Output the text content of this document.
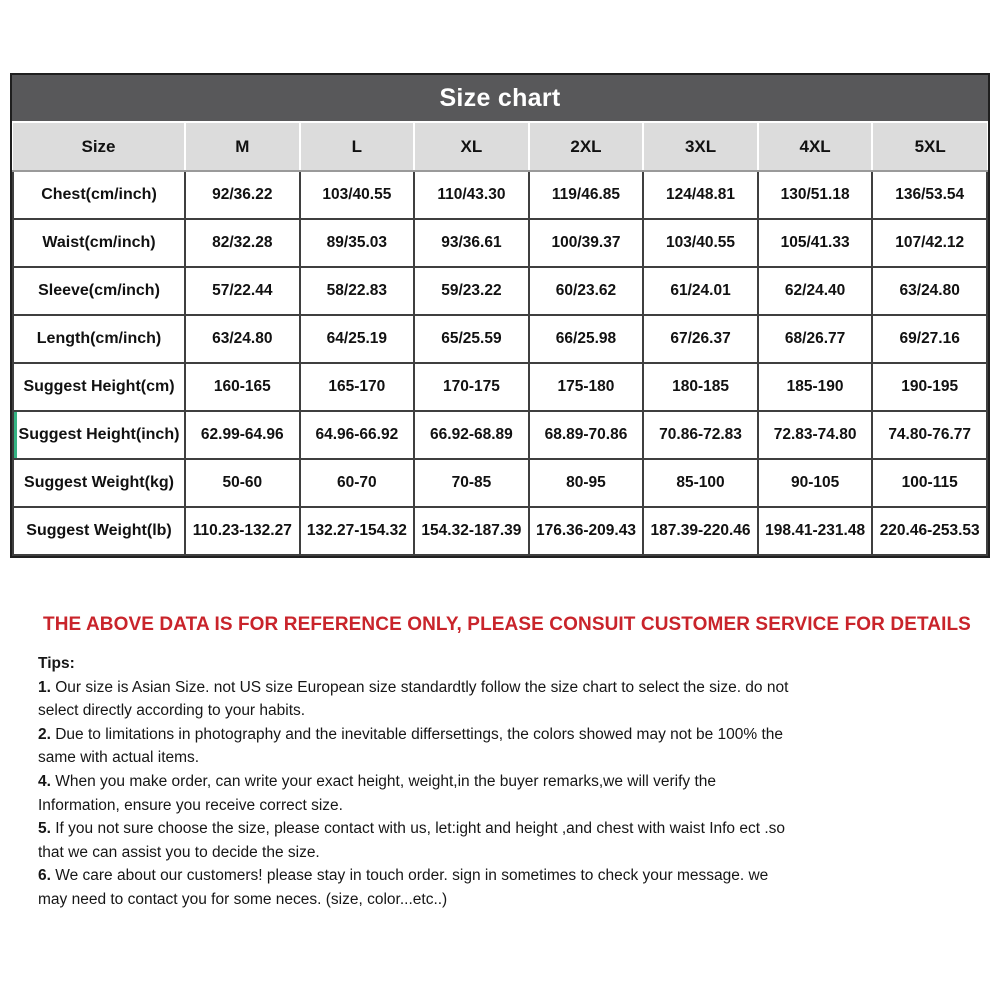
Size chart
Size	M	L	XL	2XL	3XL	4XL	5XL
Chest(cm/inch)	92/36.22	103/40.55	110/43.30	119/46.85	124/48.81	130/51.18	136/53.54
Waist(cm/inch)	82/32.28	89/35.03	93/36.61	100/39.37	103/40.55	105/41.33	107/42.12
Sleeve(cm/inch)	57/22.44	58/22.83	59/23.22	60/23.62	61/24.01	62/24.40	63/24.80
Length(cm/inch)	63/24.80	64/25.19	65/25.59	66/25.98	67/26.37	68/26.77	69/27.16
Suggest Height(cm)	160-165	165-170	170-175	175-180	180-185	185-190	190-195
Suggest Height(inch)	62.99-64.96	64.96-66.92	66.92-68.89	68.89-70.86	70.86-72.83	72.83-74.80	74.80-76.77
Suggest Weight(kg)	50-60	60-70	70-85	80-95	85-100	90-105	100-115
Suggest Weight(lb)	110.23-132.27	132.27-154.32	154.32-187.39	176.36-209.43	187.39-220.46	198.41-231.48	220.46-253.53
THE ABOVE DATA IS FOR REFERENCE ONLY, PLEASE CONSUIT CUSTOMER SERVICE FOR DETAILS

Tips:

1. Our size is Asian Size. not US size European size standardtly follow the size chart to select the size. do not select directly according to your habits.

2. Due to limitations in photography and the inevitable differsettings, the colors showed may not be 100% the same with actual items.

4. When you make order, can write your exact height, weight,in the buyer remarks,we will verify the Information, ensure you receive correct size.

5. If you not sure choose the size, please contact with us, let:ight and height ,and chest with waist Info ect .so that we can assist you to decide the size.

6. We care about our customers! please stay in touch order. sign in sometimes to check your message. we may need to contact you for some neces. (size, color...etc..)
